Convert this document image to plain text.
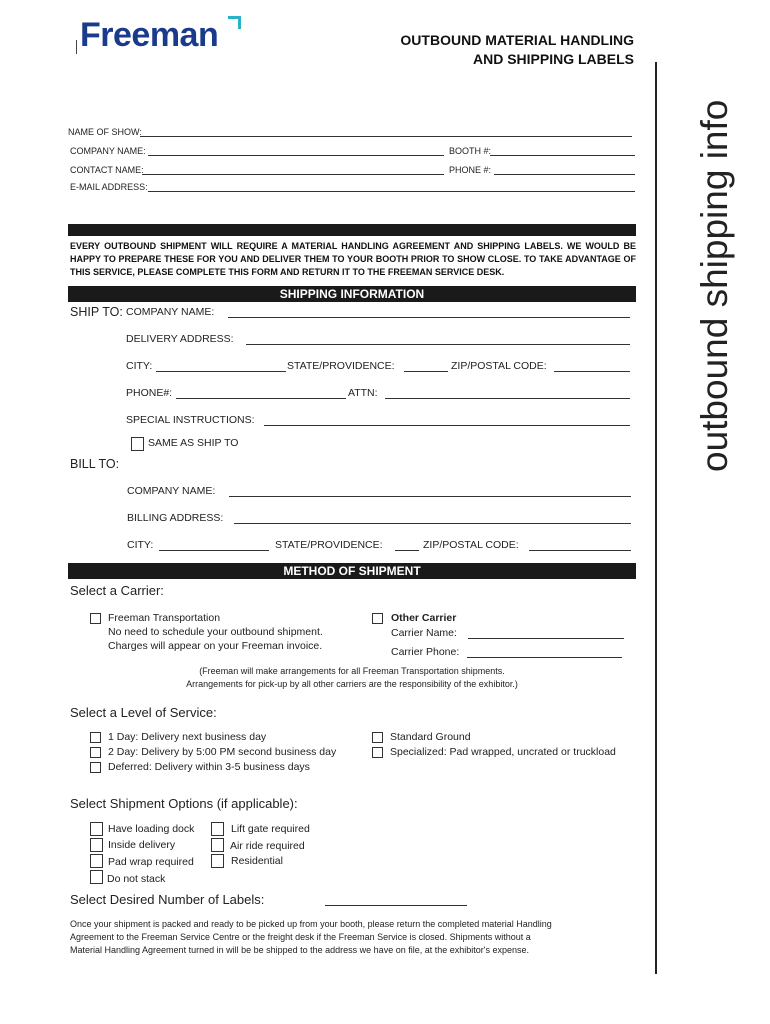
Freeman	OUTBOUND MATERIAL HANDLING
AND SHIPPING LABELS
outbound shipping info
NAME OF SHOW:
COMPANY NAME:	BOOTH #:
CONTACT NAME:	PHONE #:
E-MAIL ADDRESS:
EVERY OUTBOUND SHIPMENT WILL REQUIRE A MATERIAL HANDLING AGREEMENT AND SHIPPING LABELS. WE WOULD BE HAPPY TO PREPARE THESE FOR YOU AND DELIVER THEM TO YOUR BOOTH PRIOR TO SHOW CLOSE. TO TAKE ADVANTAGE OF THIS SERVICE, PLEASE COMPLETE THIS FORM AND RETURN IT TO THE FREEMAN SERVICE DESK.
SHIPPING INFORMATION
SHIP TO: COMPANY NAME:
DELIVERY ADDRESS:
CITY:	STATE/PROVIDENCE:	ZIP/POSTAL CODE:
PHONE#:	ATTN:
SPECIAL INSTRUCTIONS:
SAME AS SHIP TO
BILL TO:
COMPANY NAME:
BILLING ADDRESS:
CITY:	STATE/PROVIDENCE:	ZIP/POSTAL CODE:
METHOD OF SHIPMENT
Select a Carrier:
Freeman Transportation
No need to schedule your outbound shipment.
Charges will appear on your Freeman invoice.
Other Carrier
Carrier Name:
Carrier Phone:
(Freeman will make arrangements for all Freeman Transportation shipments.
Arrangements for pick-up by all other carriers are the responsibility of the exhibitor.)
Select a Level of Service:
1 Day: Delivery next business day
2 Day: Delivery by 5:00 PM second business day
Deferred: Delivery within 3-5 business days
Standard Ground
Specialized: Pad wrapped, uncrated or truckload
Select Shipment Options (if applicable):
Have loading dock
Inside delivery
Pad wrap required
Do not stack
Lift gate required
Air ride required
Residential
Select Desired Number of Labels:
Once your shipment is packed and ready to be picked up from your booth, please return the completed material Handling
Agreement to the Freeman Service Centre or the freight desk if the Freeman Service is closed. Shipments without a
Material Handling Agreement turned in will be be shipped to the address we have on file, at the exhibitor's expense.
